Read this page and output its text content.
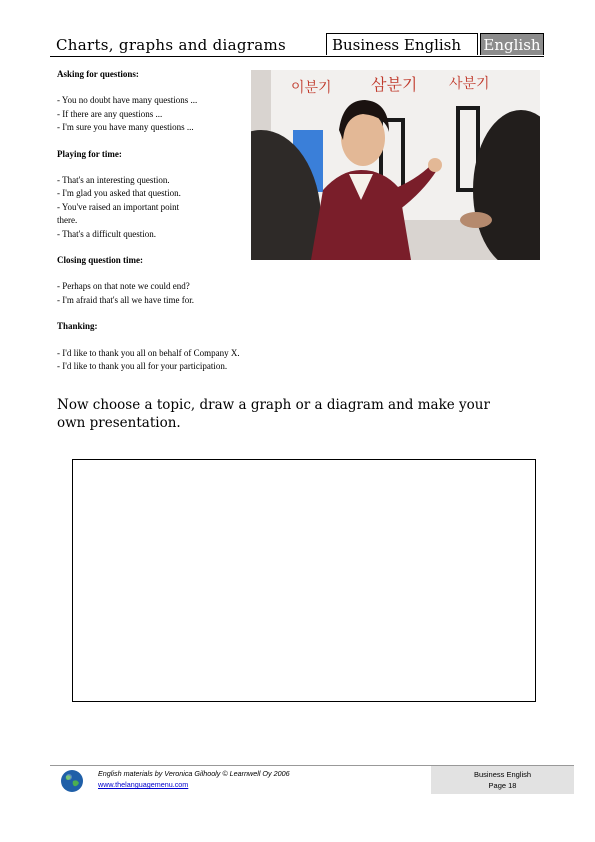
Charts, graphs and diagrams	Business English	English

Asking for questions:

- You no doubt have many questions ...

- If there are any questions ...

- I'm sure you have many questions ...

Playing for time:

- That's an interesting question.

- I'm glad you asked that question.

- You've raised an important point

there.

- That's a difficult question.

Closing question time:

- Perhaps on that note we could end?

- I'm afraid that's all we have time for.

Thanking:

- I'd like to thank you all on behalf of Company X.

- I'd like to thank you all for your participation.

이분기 삼분기 사분기
Now choose a topic, draw a graph or a diagram and make your own presentation.
English materials by Veronica Gilhooly © Learnwell Oy 2006
www.thelanguagemenu.com
Business English
Page 18
